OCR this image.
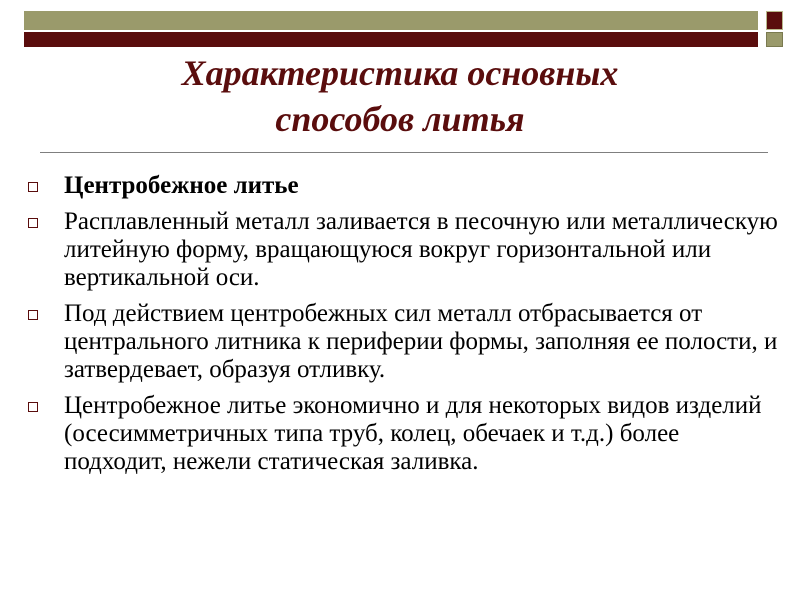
Характеристика основных
способов литья
Центробежное литье
Расплавленный металл заливается в песочную или металлическую литейную форму, вращающуюся вокруг горизонтальной или вертикальной оси.
Под действием центробежных сил металл отбрасывается от центрального литника к периферии формы, заполняя ее полости, и затвердевает, образуя отливку.
Центробежное литье экономично и для некоторых видов изделий (осесимметричных типа труб, колец, обечаек и т.д.) более подходит, нежели статическая заливка.
